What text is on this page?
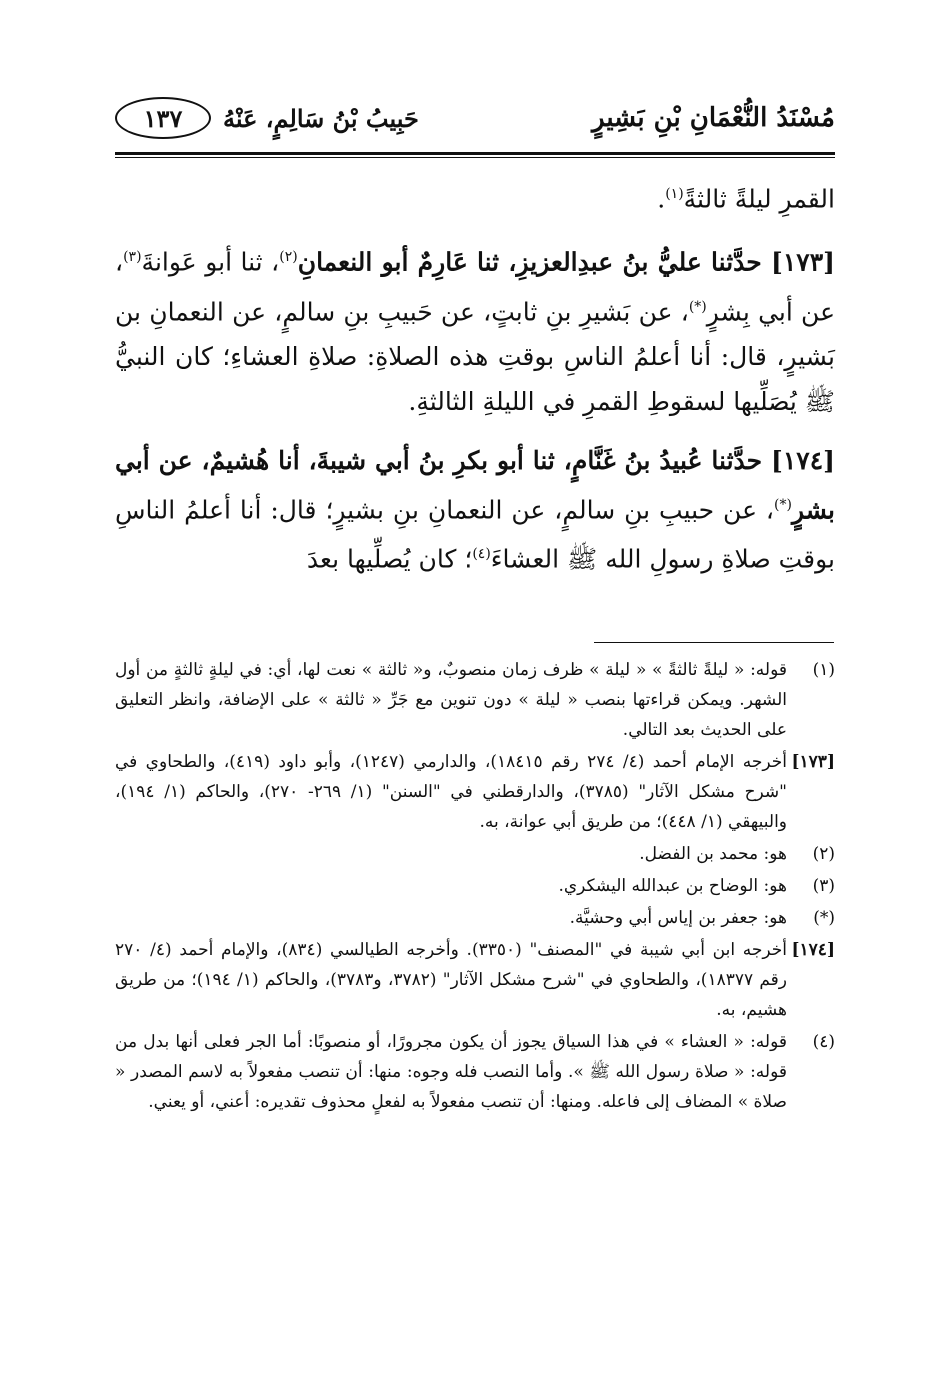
مُسْنَدُ النُّعْمَانِ بْنِ بَشِيرٍ
حَبِيبُ بْنُ سَالِمٍ، عَنْهُ
١٣٧

القمرِ ليلةً ثالثةً$^{(١)}$.

[١٧٣] حدَّثنا عليُّ بنُ عبدِالعزيزِ، ثنا عَارِمٌ أبو النعمانِ$^{(٢)}$، ثنا أبو عَوانةَ$^{(٣)}$، عن أبي بِشرٍ(*)، عن بَشيرِ بنِ ثابتٍ، عن حَبيبِ بنِ سالمٍ، عن النعمانِ بن بَشيرٍ، قال: أنا أعلمُ الناسِ بوقتِ هذه الصلاةِ: صلاةِ العشاءِ؛ كان النبيُّ ﷺ يُصَلِّيها لسقوطِ القمرِ في الليلةِ الثالثةِ.

[١٧٤] حدَّثنا عُبيدُ بنُ غَنَّامٍ، ثنا أبو بكرِ بنُ أبي شيبةَ، أنا هُشيمٌ، عن أبي بشرٍ(*)، عن حبيبِ بنِ سالمٍ، عن النعمانِ بنِ بشيرٍ؛ قال: أنا أعلمُ الناسِ بوقتِ صلاةِ رسولِ الله ﷺ العشاءَ$^{(٤)}$؛ كان يُصلِّيها بعدَ

(١)
قوله: « ليلةً ثالثةً » « ليلة » ظرف زمان منصوبٌ، و« ثالثة » نعت لها، أي: في ليلةٍ ثالثةٍ من أول الشهر. ويمكن قراءتها بنصب « ليلة » دون تنوين مع جَرِّ « ثالثة » على الإضافة، وانظر التعليق على الحديث بعد التالي.
[١٧٣]
أخرجه الإمام أحمد (٤/ ٢٧٤ رقم ١٨٤١٥)، والدارمي (١٢٤٧)، وأبو داود (٤١٩)، والطحاوي في "شرح مشكل الآثار" (٣٧٨٥)، والدارقطني في "السنن" (١/ ٢٦٩- ٢٧٠)، والحاكم (١/ ١٩٤)، والبيهقي (١/ ٤٤٨)؛ من طريق أبي عوانة، به.
(٢)
هو: محمد بن الفضل.
(٣)
هو: الوضاح بن عبدالله اليشكري.
(*)
هو: جعفر بن إياس أبي وحشيَّة.
[١٧٤]
أخرجه ابن أبي شيبة في "المصنف" (٣٣٥٠). وأخرجه الطيالسي (٨٣٤)، والإمام أحمد (٤/ ٢٧٠ رقم ١٨٣٧٧)، والطحاوي في "شرح مشكل الآثار" (٣٧٨٢، و٣٧٨٣)، والحاكم (١/ ١٩٤)؛ من طريق هشيم، به.
(٤)
قوله: « العشاء » في هذا السياق يجوز أن يكون مجرورًا، أو منصوبًا: أما الجر فعلى أنها بدل من قوله: « صلاة رسول الله ﷺ ». وأما النصب فله وجوه: منها: أن تنصب مفعولاً به لاسم المصدر « صلاة » المضاف إلى فاعله. ومنها: أن تنصب مفعولاً به لفعلٍ محذوف تقديره: أعني، أو يعني.
